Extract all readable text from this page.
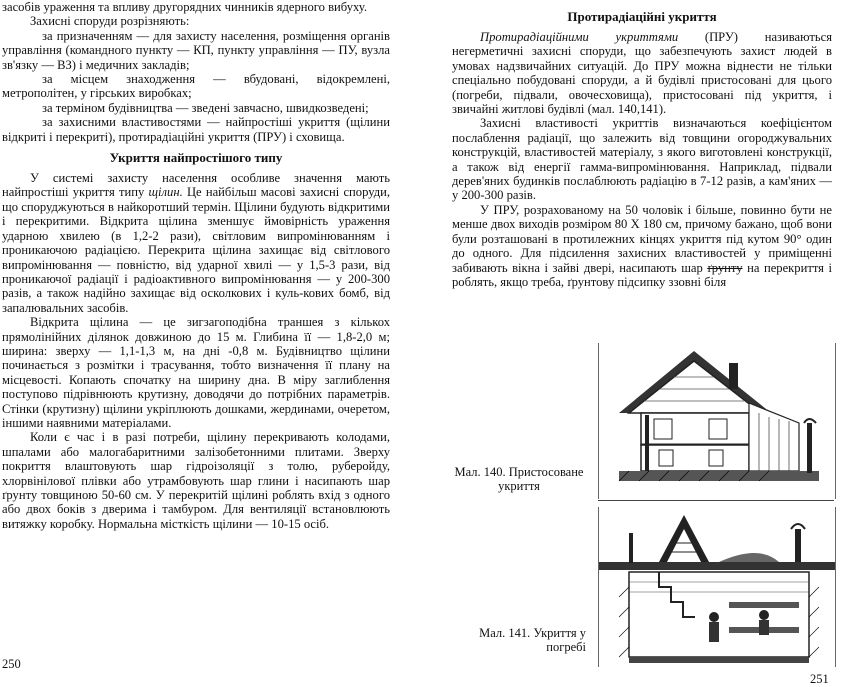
засобів ураження та впливу другорядних чинників ядерного вибуху.

Захисні споруди розрізняють:

за призначенням — для захисту населення, розміщення органів управління (командного пункту — КП, пункту управління — ПУ, вузла зв'язку — ВЗ) і медичних закладів;

за місцем знаходження — вбудовані, відокремлені, метрополітен, у гірських виробках;

за терміном будівництва — зведені завчасно, швидкозведені;

за захисними властивостями — найпростіші укриття (щілини відкриті і перекриті), протирадіаційні укриття (ПРУ) і сховища.

Укриття найпростішого типу

У системі захисту населення особливе значення мають найпростіші укриття типу щілин. Це найбільш масові захисні споруди, що споруджуються в найкоротший термін. Щілини будують відкритими і перекритими. Відкрита щілина зменшує ймовірність ураження ударною хвилею (в 1,2-2 рази), світловим випромінюванням і проникаючою радіацією. Перекрита щілина захищає від світлового випромінювання — повністю, від ударної хвилі — у 1,5-3 рази, від проникаючої радіації і радіоактивного випромінювання — у 200-300 разів, а також надійно захищає від осколкових і куль-кових бомб, від запалювальних засобів.

Відкрита щілина — це зигзагоподібна траншея з кількох прямолінійних ділянок довжиною до 15 м. Глибина її — 1,8-2,0 м; ширина: зверху — 1,1-1,3 м, на дні -0,8 м. Будівництво щілини починається з розмітки і трасування, тобто визначення її плану на місцевості. Копають спочатку на ширину дна. В міру заглиблення поступово підрівнюють крутизну, доводячи до потрібних параметрів. Стінки (крутизну) щілини укріплюють дошками, жердинами, очеретом, іншими наявними матеріалами.

Коли є час і в разі потреби, щілину перекривають колодами, шпалами або малогабаритними залізобетонними плитами. Зверху покриття влаштовують шар гідроізоляції з толю, руберойду, хлорвінілової плівки або утрамбовують шар глини і насипають шар ґрунту товщиною 50-60 см. У перекритій щілині роблять вхід з одного або двох боків з дверима і тамбуром. Для вентиляції встановлюють витяжку коробку. Нормальна місткість щілини — 10-15 осіб.

250
Протирадіаційні укриття

Протирадіаційними укриттями (ПРУ) називаються негерметичні захисні споруди, що забезпечують захист людей в умовах надзвичайних ситуацій. До ПРУ можна віднести не тільки спеціально побудовані споруди, а й будівлі пристосовані для цього (погреби, підвали, овочесховища), пристосовані під укриття, і звичайні житлові будівлі (мал. 140,141).

Захисні властивості укриттів визначаються коефіцієнтом послаблення радіації, що залежить від товщини огороджувальних конструкцій, властивостей матеріалу, з якого виготовлені конструкції, а також від енергії гамма-випромінювання. Наприклад, підвали дерев'яних будинків послаблюють радіацію в 7-12 разів, а кам'яних — у 200-300 разів.

У ПРУ, розрахованому на 50 чоловік і більше, повинно бути не менше двох виходів розміром 80 X 180 см, причому бажано, щоб вони були розташовані в протилежних кінцях укриття під кутом 90° один до одного. Для підсилення захисних властивостей у приміщенні забивають вікна і зайві двері, насипають шар ґрунту на перекриття і роблять, якщо треба, ґрунтову підсипку ззовні біля

Мал. 140. Пристосоване укриття
Мал. 141. Укриття у погребі
251
